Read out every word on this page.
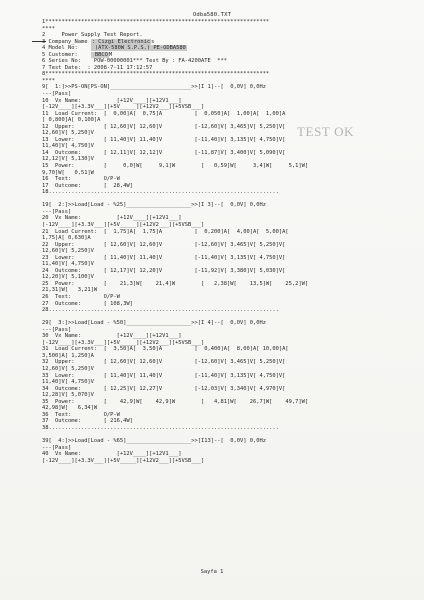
Odba580.TXT
1*********************************************************************
****
2     Power Supply Test Report.
3 Company_Name : Cizgi Electronics
4 Model No:     (ATX-580W S.P.S.) PE-ODBA580
5 Customer:     BBCOM
6 Series No:    POW-00000001*** Test By : FA-4200ATE  ***
7 Test Date:  : 2008-7-11 17:12:57
8*********************************************************************
****
9[  1:]>>PS-ON[PS-ON]_________________________>>[I 1]--[  0,0V] 0,0Hz
---[Pass]
10  Vx Name:           [+12V____][+12V1___]
[-12V____][+3.3V___][+5V_____][+12V2___][+5VSB___]
11  Load Current:  [  0,00]A[  0,75]A          [  0,050]A[  1,00]A[  1,00]A
[ 0,800]A[ 0,100]A
12  Upper:         [ 12,60]V[ 12,60]V          [-12,60]V[ 3,465]V[ 5,250]V[
12,60]V[ 5,250]V
13  Lower:         [ 11,40]V[ 11,40]V          [-11,40]V[ 3,135]V[ 4,750]V[
11,40]V[ 4,750]V
14  Outcome:       [ 12,11]V[ 12,12]V          [-11,87]V[ 3,400]V[ 5,090]V[
12,12]V[ 5,130]V
15  Power:         [     0,0]W[     9,1]W        [   0,59]W[     3,4]W[     5,1]W[
9,70]W[   0,51]W
16  Text:          O/P-W
17  Outcome:       [  28,4W]
18.......................................................................
19[  2:]>>Load[Load - %25]____________________>>[I 3]--[  0,0V] 0,0Hz
---[Pass]
20  Vx Name:           [+12V____][+12V1___]
[-12V____][+3.3V___][+5V_____][+12V2___][+5VSB___]
21  Load Current:  [  1,75]A[  1,75]A          [  0,200]A[  4,00]A[  5,00]A[
1,75]A[ 0,630]A
22  Upper:         [ 12,60]V[ 12,60]V          [-12,60]V[ 3,465]V[ 5,250]V[
12,60]V[ 5,250]V
23  Lower:         [ 11,40]V[ 11,40]V          [-11,40]V[ 3,135]V[ 4,750]V[
11,40]V[ 4,750]V
24  Outcome:       [ 12,17]V[ 12,20]V          [-11,92]V[ 3,380]V[ 5,030]V[
12,20]V[ 5,100]V
25  Power:         [    21,3]W[    21,4]W        [   2,38]W[    13,5]W[    25,2]W[
21,31]W[   3,21]W
26  Text:          O/P-W
27  Outcome:       [ 108,3W]
28.......................................................................
29[  3:]>>Load[Load - %50]____________________>>[I 4]--[  0,0V] 0,0Hz
---[Pass]
30  Vx Name:           [+12V____][+12V1___]
[-12V____][+3.3V___][+5V_____][+12V2___][+5VSB___]
31  Load Current:  [  3,50]A[  3,50]A          [  0,400]A[  8,00]A[ 10,00]A[
3,500]A[ 1,250]A
32  Upper:         [ 12,60]V[ 12,60]V          [-12,60]V[ 3,465]V[ 5,250]V[
12,60]V[ 5,250]V
33  Lower:         [ 11,40]V[ 11,40]V          [-11,40]V[ 3,135]V[ 4,750]V[
11,40]V[ 4,750]V
34  Outcome:       [ 12,25]V[ 12,27]V          [-12,03]V[ 3,340]V[ 4,970]V[
12,28]V[ 5,070]V
35  Power:         [    42,9]W[    42,9]W        [   4,81]W[    26,7]W[    49,7]W[
42,98]W[   6,34]W
36  Text:          O/P-W
37  Outcome:       [ 216,4W]
38.......................................................................
39[  4:]>>Load[Load - %65]____________________>>[I13]--[  0,0V] 0,0Hz
---[Pass]
40  Vx Name:           [+12V____][+12V1___]
[-12V____][+3.3V___][+5V_____][+12V2___][+5VSB___]
TEST OK
Sayfa 1
